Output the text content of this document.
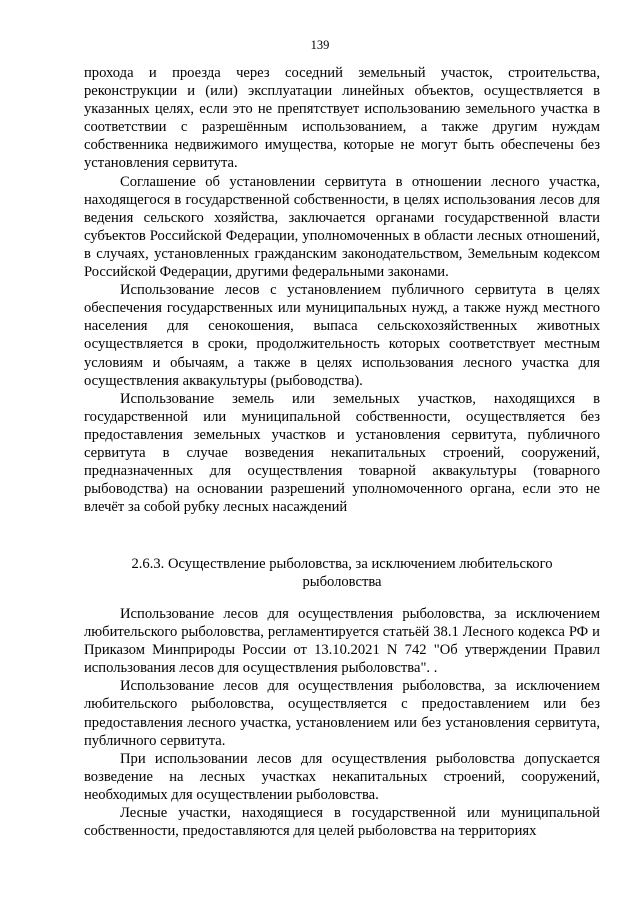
139

прохода и проезда через соседний земельный участок, строительства, реконструкции и (или) эксплуатации линейных объектов, осуществляется в указанных целях, если это не препятствует использованию земельного участка в соответствии с разрешённым использованием, а также другим нуждам собственника недвижимого имущества, которые не могут быть обеспечены без установления сервитута.

Соглашение об установлении сервитута в отношении лесного участка, находящегося в государственной собственности, в целях использования лесов для ведения сельского хозяйства, заключается органами государственной власти субъектов Российской Федерации, уполномоченных в области лесных отношений, в случаях, установленных гражданским законодательством, Земельным кодексом Российской Федерации, другими федеральными законами.

Использование лесов с установлением публичного сервитута в целях обеспечения государственных или муниципальных нужд, а также нужд местного населения для сенокошения, выпаса сельскохозяйственных животных осуществляется в сроки, продолжительность которых соответствует местным условиям и обычаям, а также в целях использования лесного участка для осуществления аквакультуры (рыбоводства).

Использование земель или земельных участков, находящихся в государственной или муниципальной собственности, осуществляется без предоставления земельных участков и установления сервитута, публичного сервитута в случае возведения некапитальных строений, сооружений, предназначенных для осуществления товарной аквакультуры (товарного рыбоводства) на основании разрешений уполномоченного органа, если это не влечёт за собой рубку лесных насаждений

2.6.3. Осуществление рыболовства, за исключением любительского
рыболовства

Использование лесов для осуществления рыболовства, за исключением любительского рыболовства, регламентируется статьёй 38.1 Лесного кодекса РФ и Приказом Минприроды России от 13.10.2021 N 742 "Об утверждении Правил использования лесов для осуществления рыболовства". .

Использование лесов для осуществления рыболовства, за исключением любительского рыболовства, осуществляется с предоставлением или без предоставления лесного участка, установлением или без установления сервитута, публичного сервитута.

При использовании лесов для осуществления рыболовства допускается возведение на лесных участках некапитальных строений, сооружений, необходимых для осуществлении рыболовства.

Лесные участки, находящиеся в государственной или муниципальной собственности, предоставляются для целей рыболовства на территориях
